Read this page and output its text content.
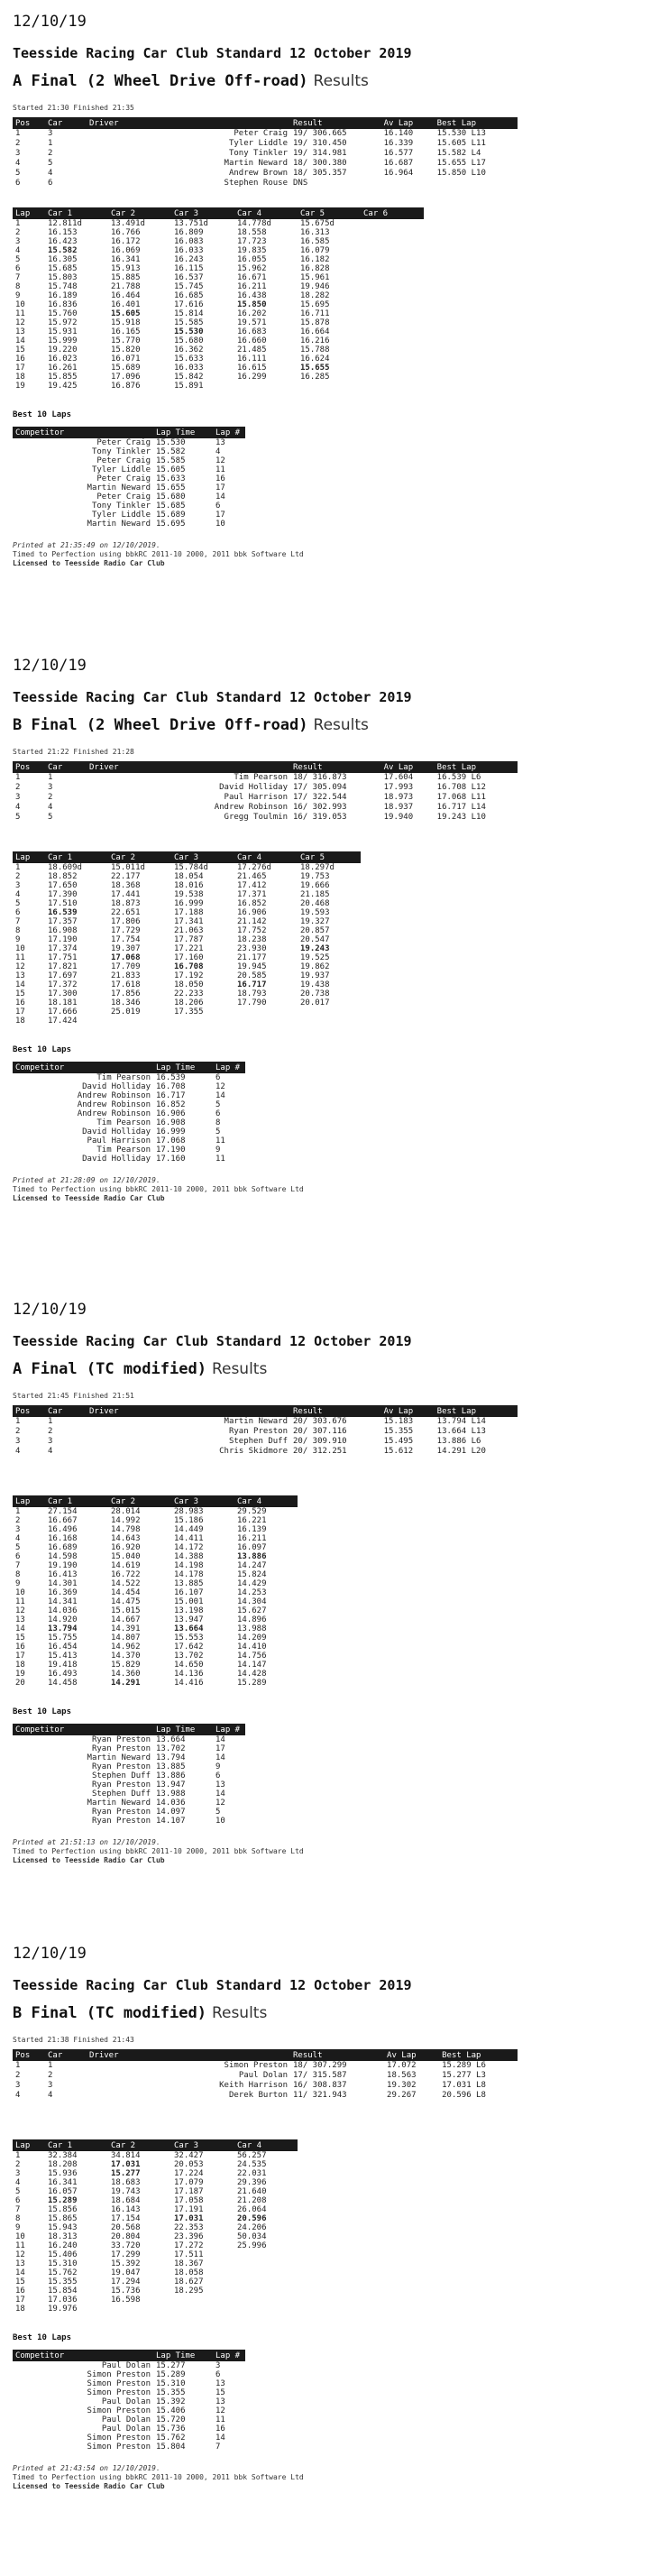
12/10/19
Teesside Racing Car Club Standard 12 October 2019
A Final (2 Wheel Drive Off-road) Results
Started 21:30 Finished 21:35
Pos	Car	Driver	Result	Av Lap	Best Lap
1	3	Peter Craig	19/ 306.665	16.140	15.530 L13
2	1	Tyler Liddle	19/ 310.450	16.339	15.605 L11
3	2	Tony Tinkler	19/ 314.981	16.577	15.582 L4
4	5	Martin Neward	18/ 300.380	16.687	15.655 L17
5	4	Andrew Brown	18/ 305.357	16.964	15.850 L10
6	6	Stephen Rouse	DNS		
Lap	Car 1	Car 2	Car 3	Car 4	Car 5	Car 6
1	12.811d	13.491d	13.751d	14.778d	15.675d	
2	16.153	16.766	16.809	18.558	16.313	
3	16.423	16.172	16.083	17.723	16.585	
4	15.582	16.069	16.033	19.835	16.079	
5	16.305	16.341	16.243	16.055	16.182	
6	15.685	15.913	16.115	15.962	16.828	
7	15.803	15.885	16.537	16.671	15.961	
8	15.748	21.788	15.745	16.211	19.946	
9	16.189	16.464	16.685	16.438	18.282	
10	16.836	16.401	17.616	15.850	15.695	
11	15.760	15.605	15.814	16.202	16.711	
12	15.972	15.918	15.585	19.571	15.878	
13	15.931	16.165	15.530	16.683	16.664	
14	15.999	15.770	15.680	16.660	16.216	
15	19.220	15.820	16.362	21.485	15.788	
16	16.023	16.071	15.633	16.111	16.624	
17	16.261	15.689	16.033	16.615	15.655	
18	15.855	17.096	15.842	16.299	16.285	
19	19.425	16.876	15.891			
Best 10 Laps
Competitor	Lap Time	Lap #
Peter Craig	15.530	13
Tony Tinkler	15.582	4
Peter Craig	15.585	12
Tyler Liddle	15.605	11
Peter Craig	15.633	16
Martin Neward	15.655	17
Peter Craig	15.680	14
Tony Tinkler	15.685	6
Tyler Liddle	15.689	17
Martin Neward	15.695	10
Printed at 21:35:49 on 12/10/2019.
Timed to Perfection using bbkRC 2011-10 2000, 2011 bbk Software Ltd
Licensed to Teesside Radio Car Club
12/10/19
Teesside Racing Car Club Standard 12 October 2019
B Final (2 Wheel Drive Off-road) Results
Started 21:22 Finished 21:28
Pos	Car	Driver	Result	Av Lap	Best Lap
1	1	Tim Pearson	18/ 316.873	17.604	16.539 L6
2	3	David Holliday	17/ 305.094	17.993	16.708 L12
3	2	Paul Harrison	17/ 322.544	18.973	17.068 L11
4	4	Andrew Robinson	16/ 302.993	18.937	16.717 L14
5	5	Gregg Toulmin	16/ 319.053	19.940	19.243 L10
Lap	Car 1	Car 2	Car 3	Car 4	Car 5
1	18.609d	15.011d	15.784d	17.276d	18.297d
2	18.852	22.177	18.054	21.465	19.753
3	17.650	18.368	18.016	17.412	19.666
4	17.390	17.441	19.538	17.371	21.185
5	17.510	18.873	16.999	16.852	20.468
6	16.539	22.651	17.188	16.906	19.593
7	17.357	17.806	17.341	21.142	19.327
8	16.908	17.729	21.063	17.752	20.857
9	17.190	17.754	17.787	18.238	20.547
10	17.374	19.307	17.221	23.930	19.243
11	17.751	17.068	17.160	21.177	19.525
12	17.821	17.709	16.708	19.945	19.862
13	17.697	21.833	17.192	20.585	19.937
14	17.372	17.618	18.050	16.717	19.438
15	17.300	17.856	22.233	18.793	20.738
16	18.181	18.346	18.206	17.790	20.017
17	17.666	25.019	17.355		
18	17.424				
Best 10 Laps
Competitor	Lap Time	Lap #
Tim Pearson	16.539	6
David Holliday	16.708	12
Andrew Robinson	16.717	14
Andrew Robinson	16.852	5
Andrew Robinson	16.906	6
Tim Pearson	16.908	8
David Holliday	16.999	5
Paul Harrison	17.068	11
Tim Pearson	17.190	9
David Holliday	17.160	11
Printed at 21:28:09 on 12/10/2019.
Timed to Perfection using bbkRC 2011-10 2000, 2011 bbk Software Ltd
Licensed to Teesside Radio Car Club
12/10/19
Teesside Racing Car Club Standard 12 October 2019
A Final (TC modified) Results
Started 21:45 Finished 21:51
Pos	Car	Driver	Result	Av Lap	Best Lap
1	1	Martin Neward	20/ 303.676	15.183	13.794 L14
2	2	Ryan Preston	20/ 307.116	15.355	13.664 L13
3	3	Stephen Duff	20/ 309.910	15.495	13.886 L6
4	4	Chris Skidmore	20/ 312.251	15.612	14.291 L20
Lap	Car 1	Car 2	Car 3	Car 4
1	27.154	28.014	28.983	29.529
2	16.667	14.992	15.186	16.221
3	16.496	14.798	14.449	16.139
4	16.168	14.643	14.411	16.211
5	16.689	16.920	14.172	16.097
6	14.598	15.040	14.388	13.886
7	19.190	14.619	14.198	14.247
8	16.413	16.722	14.178	15.824
9	14.301	14.522	13.885	14.429
10	16.369	14.454	16.107	14.253
11	14.341	14.475	15.001	14.304
12	14.036	15.015	13.198	15.627
13	14.920	14.667	13.947	14.896
14	13.794	14.391	13.664	13.988
15	15.755	14.807	15.553	14.209
16	16.454	14.962	17.642	14.410
17	15.413	14.370	13.702	14.756
18	19.418	15.829	14.650	14.147
19	16.493	14.360	14.136	14.428
20	14.458	14.291	14.416	15.289
Best 10 Laps
Competitor	Lap Time	Lap #
Ryan Preston	13.664	14
Ryan Preston	13.702	17
Martin Neward	13.794	14
Ryan Preston	13.885	9
Stephen Duff	13.886	6
Ryan Preston	13.947	13
Stephen Duff	13.988	14
Martin Neward	14.036	12
Ryan Preston	14.097	5
Ryan Preston	14.107	10
Printed at 21:51:13 on 12/10/2019.
Timed to Perfection using bbkRC 2011-10 2000, 2011 bbk Software Ltd
Licensed to Teesside Radio Car Club
12/10/19
Teesside Racing Car Club Standard 12 October 2019
B Final (TC modified) Results
Started 21:38 Finished 21:43
Pos	Car	Driver	Result	Av Lap	Best Lap
1	1	Simon Preston	18/ 307.299	17.072	15.289 L6
2	2	Paul Dolan	17/ 315.587	18.563	15.277 L3
3	3	Keith Harrison	16/ 308.837	19.302	17.031 L8
4	4	Derek Burton	11/ 321.943	29.267	20.596 L8
Lap	Car 1	Car 2	Car 3	Car 4
1	32.384	34.814	32.427	56.257
2	18.208	17.031	20.053	24.535
3	15.936	15.277	17.224	22.031
4	16.341	18.683	17.079	29.396
5	16.057	19.743	17.187	21.640
6	15.289	18.684	17.058	21.208
7	15.856	16.143	17.191	26.064
8	15.865	17.154	17.031	20.596
9	15.943	20.568	22.353	24.206
10	18.313	20.804	23.396	50.034
11	16.240	33.720	17.272	25.996
12	15.406	17.299	17.511	
13	15.310	15.392	18.367	
14	15.762	19.047	18.058	
15	15.355	17.294	18.627	
16	15.854	15.736	18.295	
17	17.036	16.598		
18	19.976			
Best 10 Laps
Competitor	Lap Time	Lap #
Paul Dolan	15.277	3
Simon Preston	15.289	6
Simon Preston	15.310	13
Simon Preston	15.355	15
Paul Dolan	15.392	13
Simon Preston	15.406	12
Paul Dolan	15.720	11
Paul Dolan	15.736	16
Simon Preston	15.762	14
Simon Preston	15.804	7
Printed at 21:43:54 on 12/10/2019.
Timed to Perfection using bbkRC 2011-10 2000, 2011 bbk Software Ltd
Licensed to Teesside Radio Car Club
